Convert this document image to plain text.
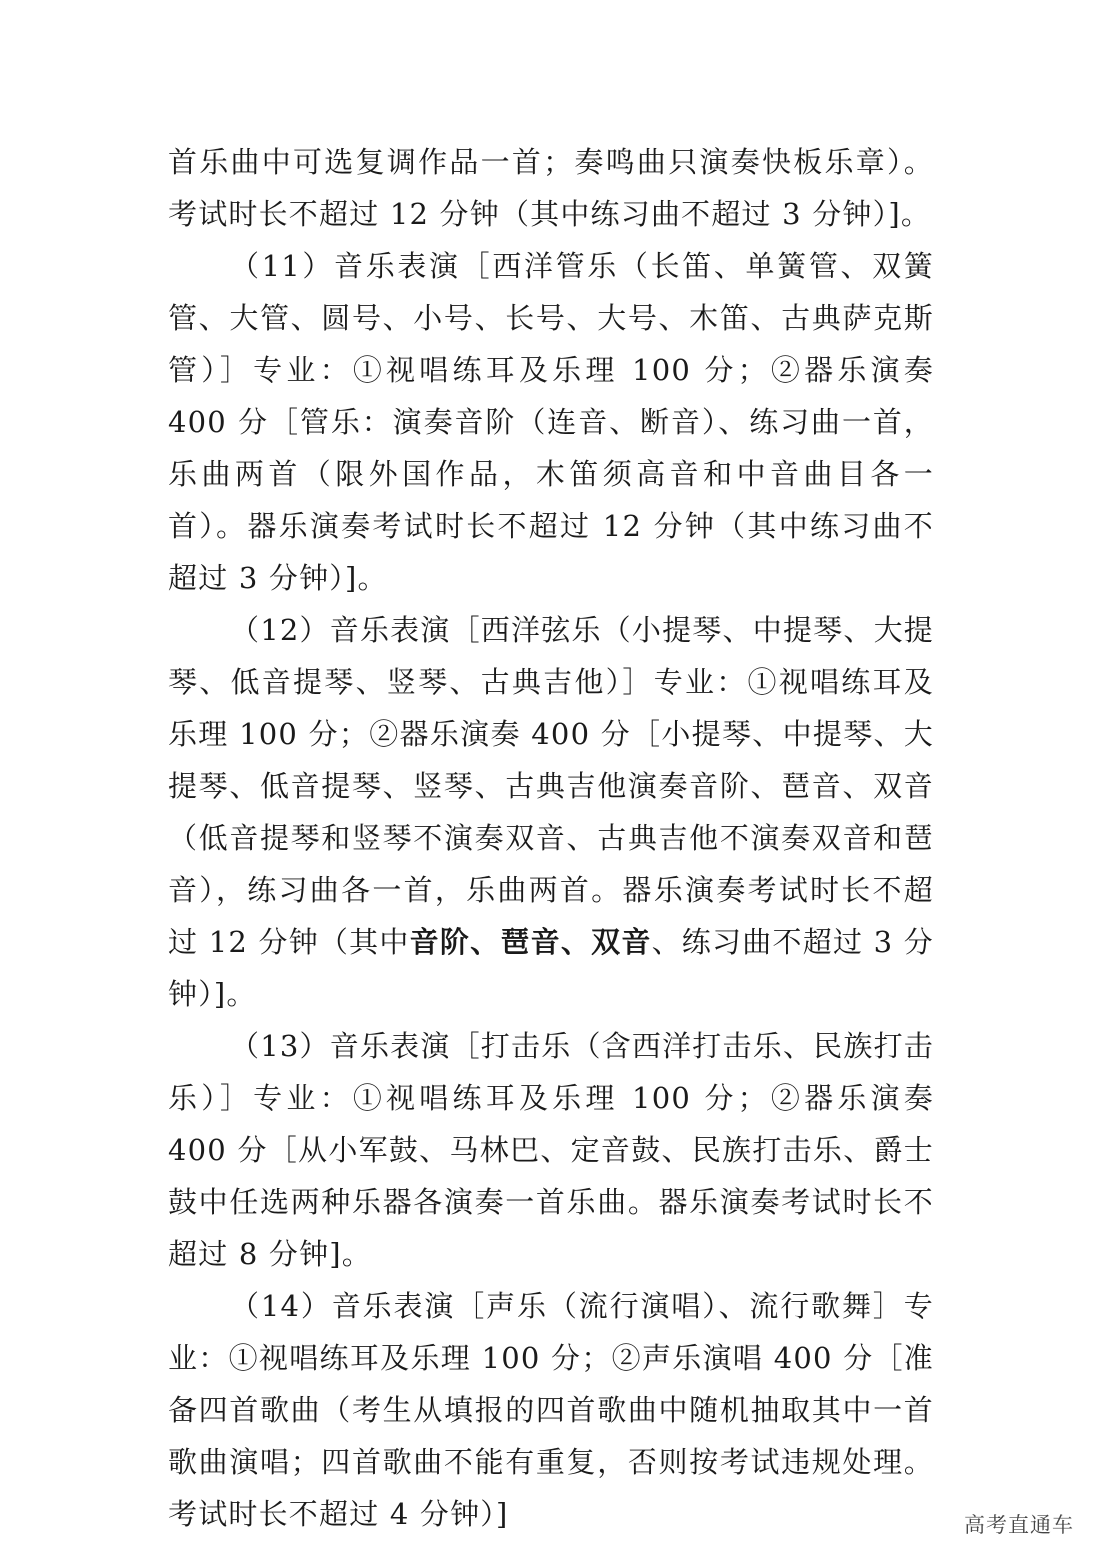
首乐曲中可选复调作品一首；奏鸣曲只演奏快板乐章）。考试时长不超过 12 分钟（其中练习曲不超过 3 分钟）]。

（11）音乐表演［西洋管乐（长笛、单簧管、双簧管、大管、圆号、小号、长号、大号、木笛、古典萨克斯管）］专业：①视唱练耳及乐理 100 分；②器乐演奏 400 分［管乐：演奏音阶（连音、断音）、练习曲一首，乐曲两首（限外国作品，木笛须高音和中音曲目各一首）。器乐演奏考试时长不超过 12 分钟（其中练习曲不超过 3 分钟）]。

（12）音乐表演［西洋弦乐（小提琴、中提琴、大提琴、低音提琴、竖琴、古典吉他）］专业：①视唱练耳及乐理 100 分；②器乐演奏 400 分［小提琴、中提琴、大提琴、低音提琴、竖琴、古典吉他演奏音阶、琶音、双音（低音提琴和竖琴不演奏双音、古典吉他不演奏双音和琶音），练习曲各一首，乐曲两首。器乐演奏考试时长不超过 12 分钟（其中音阶、琶音、双音、练习曲不超过 3 分钟）]。

（13）音乐表演［打击乐（含西洋打击乐、民族打击乐）］专业：①视唱练耳及乐理 100 分；②器乐演奏 400 分［从小军鼓、马林巴、定音鼓、民族打击乐、爵士鼓中任选两种乐器各演奏一首乐曲。器乐演奏考试时长不超过 8 分钟]。

（14）音乐表演［声乐（流行演唱）、流行歌舞］专业：①视唱练耳及乐理 100 分；②声乐演唱 400 分［准备四首歌曲（考生从填报的四首歌曲中随机抽取其中一首歌曲演唱；四首歌曲不能有重复，否则按考试违规处理。考试时长不超过 4 分钟）]	高考直通车
